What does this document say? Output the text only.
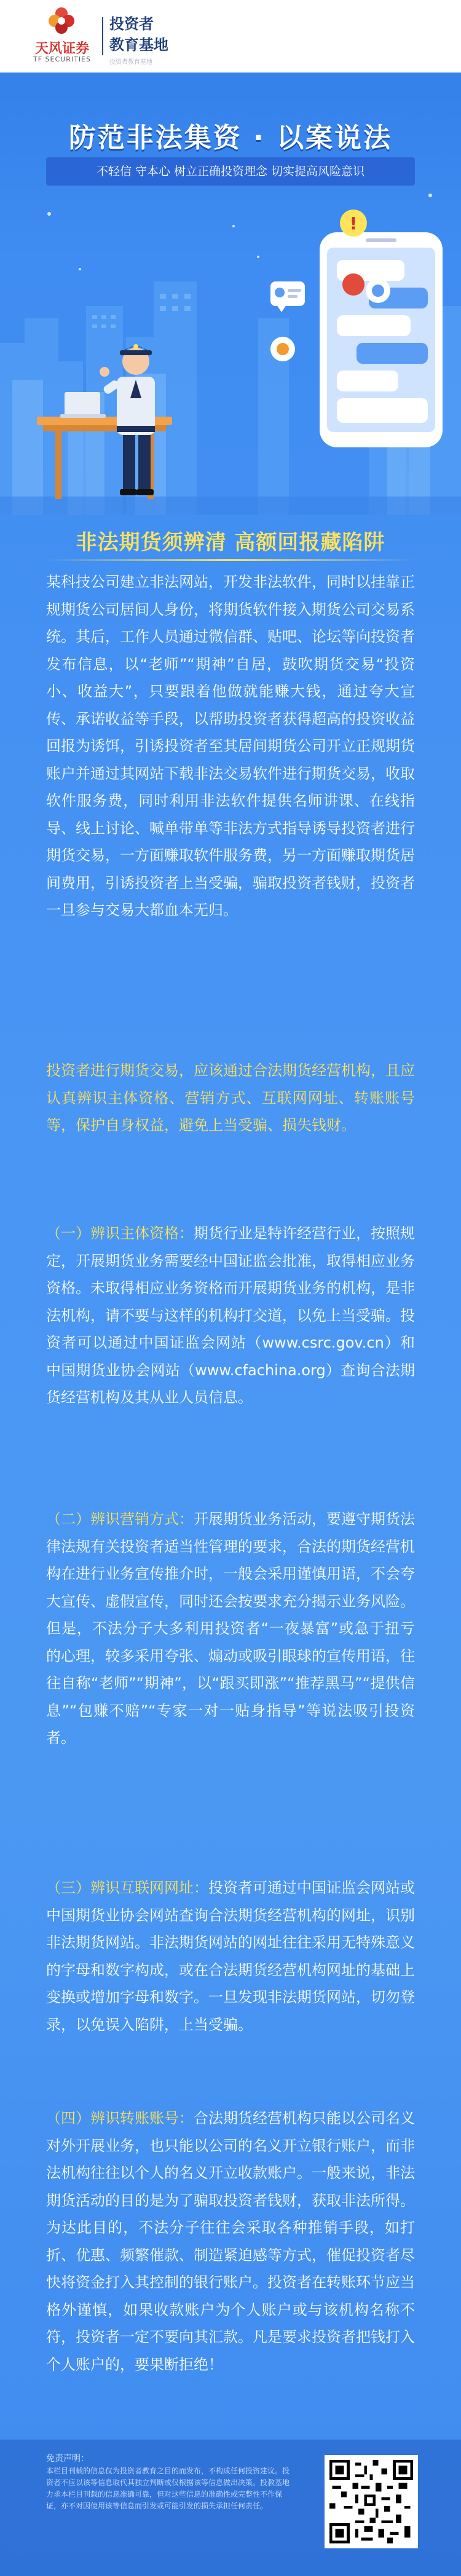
天风证券
TF SECURITIES
投资者
教育基地
投资者教育基地
!
防范非法集资 · 以案说法
不轻信 守本心 树立正确投资理念 切实提高风险意识
非法期货须辨清 高额回报藏陷阱
某科技公司建立非法网站，开发非法软件，同时以挂靠正规期货公司居间人身份，将期货软件接入期货公司交易系统。其后，工作人员通过微信群、贴吧、论坛等向投资者发布信息，以“老师”“期神”自居，鼓吹期货交易“投资小、收益大”，只要跟着他做就能赚大钱，通过夸大宣传、承诺收益等手段，以帮助投资者获得超高的投资收益回报为诱饵，引诱投资者至其居间期货公司开立正规期货账户并通过其网站下载非法交易软件进行期货交易，收取软件服务费，同时利用非法软件提供名师讲课、在线指导、线上讨论、喊单带单等非法方式指导诱导投资者进行期货交易，一方面赚取软件服务费，另一方面赚取期货居间费用，引诱投资者上当受骗，骗取投资者钱财，投资者一旦参与交易大都血本无归。
投资者进行期货交易，应该通过合法期货经营机构，且应认真辨识主体资格、营销方式、互联网网址、转账账号等，保护自身权益，避免上当受骗、损失钱财。
（一）辨识主体资格：期货行业是特许经营行业，按照规定，开展期货业务需要经中国证监会批准，取得相应业务资格。未取得相应业务资格而开展期货业务的机构，是非法机构，请不要与这样的机构打交道，以免上当受骗。投资者可以通过中国证监会网站（www.csrc.gov.cn）和中国期货业协会网站（www.cfachina.org）查询合法期货经营机构及其从业人员信息。
（二）辨识营销方式：开展期货业务活动，要遵守期货法律法规有关投资者适当性管理的要求，合法的期货经营机构在进行业务宣传推介时，一般会采用谨慎用语，不会夸大宣传、虚假宣传，同时还会按要求充分揭示业务风险。但是，不法分子大多利用投资者“一夜暴富”或急于扭亏的心理，较多采用夸张、煽动或吸引眼球的宣传用语，往往自称“老师”“期神”，以“跟买即涨”“推荐黑马”“提供信息”“包赚不赔”“专家一对一贴身指导”等说法吸引投资者。
（三）辨识互联网网址：投资者可通过中国证监会网站或中国期货业协会网站查询合法期货经营机构的网址，识别非法期货网站。非法期货网站的网址往往采用无特殊意义的字母和数字构成，或在合法期货经营机构网址的基础上变换或增加字母和数字。一旦发现非法期货网站，切勿登录，以免误入陷阱，上当受骗。
（四）辨识转账账号：合法期货经营机构只能以公司名义对外开展业务，也只能以公司的名义开立银行账户，而非法机构往往以个人的名义开立收款账户。一般来说，非法期货活动的目的是为了骗取投资者钱财，获取非法所得。为达此目的，不法分子往往会采取各种推销手段，如打折、优惠、频繁催款、制造紧迫感等方式，催促投资者尽快将资金打入其控制的银行账户。投资者在转账环节应当格外谨慎，如果收款账户为个人账户或与该机构名称不符，投资者一定不要向其汇款。凡是要求投资者把钱打入个人账户的，要果断拒绝！
免责声明：
本栏目刊载的信息仅为投资者教育之目的而发布，不构成任何投资建议。投资者不应以该等信息取代其独立判断或仅根据该等信息做出决策。投教基地力求本栏目刊载的信息准确可靠，但对这些信息的准确性或完整性不作保证，亦不对因使用该等信息而引发或可能引发的损失承担任何责任。
